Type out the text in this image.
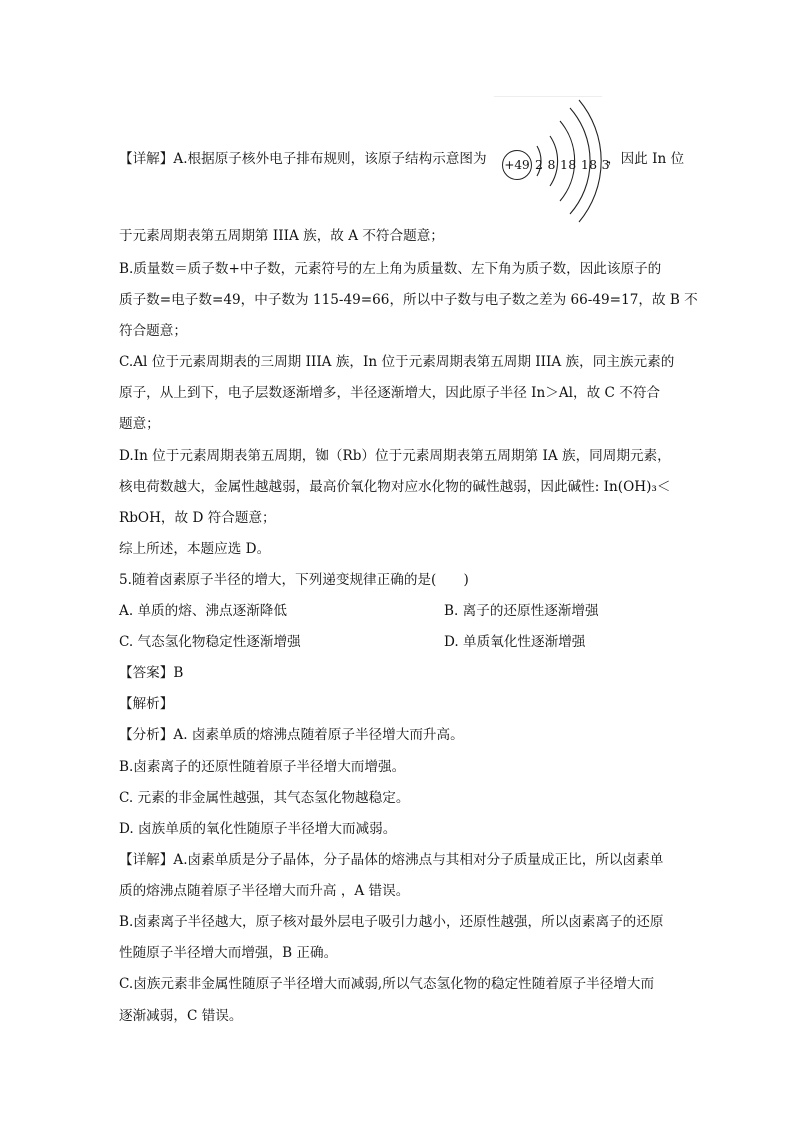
【详解】A.根据原子核外电子排布规则，该原子结构示意图为	，因此 In 位
+49 2 8 18 18 3
于元素周期表第五周期第 IIIA 族，故 A 不符合题意；
B.质量数＝质子数+中子数，元素符号的左上角为质量数、左下角为质子数，因此该原子的
质子数=电子数=49，中子数为 115-49=66，所以中子数与电子数之差为 66-49=17，故 B 不
符合题意；
C.Al 位于元素周期表的三周期 IIIA 族，In 位于元素周期表第五周期 IIIA 族，同主族元素的
原子，从上到下，电子层数逐渐增多，半径逐渐增大，因此原子半径 In＞Al，故 C 不符合
题意；
D.In 位于元素周期表第五周期，铷（Rb）位于元素周期表第五周期第 IA 族，同周期元素，
核电荷数越大，金属性越越弱，最高价氧化物对应水化物的碱性越弱，因此碱性: In(OH)₃＜
RbOH，故 D 符合题意；
综上所述，本题应选 D。
5.随着卤素原子半径的增大，下列递变规律正确的是(　　)
A. 单质的熔、沸点逐渐降低	B. 离子的还原性逐渐增强
C. 气态氢化物稳定性逐渐增强	D. 单质氧化性逐渐增强
【答案】B
【解析】
【分析】A. 卤素单质的熔沸点随着原子半径增大而升高。
B.卤素离子的还原性随着原子半径增大而增强。
C. 元素的非金属性越强，其气态氢化物越稳定。
D. 卤族单质的氧化性随原子半径增大而减弱。
【详解】A.卤素单质是分子晶体，分子晶体的熔沸点与其相对分子质量成正比，所以卤素单
质的熔沸点随着原子半径增大而升高 ，A 错误。
B.卤素离子半径越大，原子核对最外层电子吸引力越小，还原性越强，所以卤素离子的还原
性随原子半径增大而增强，B 正确。
C.卤族元素非金属性随原子半径增大而减弱,所以气态氢化物的稳定性随着原子半径增大而
逐渐减弱，C 错误。
